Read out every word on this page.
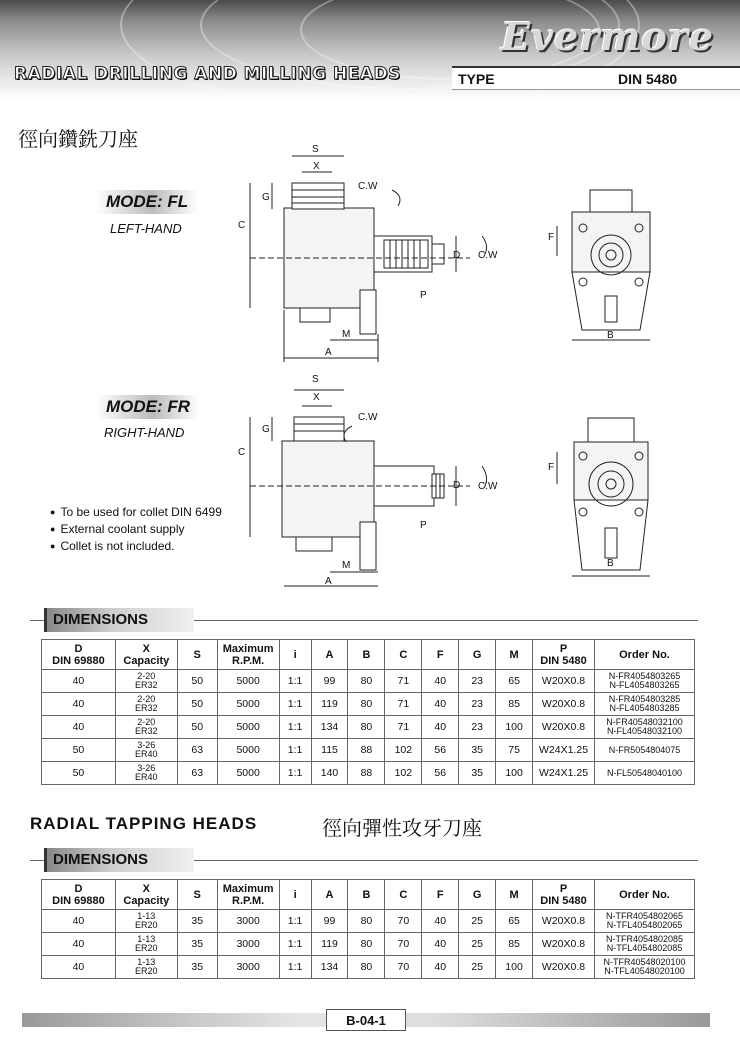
Evermore
RADIAL DRILLING AND MILLING HEADS	TYPE	DIN 5480
徑向鑽銑刀座
MODE: FL
LEFT-HAND
MODE: FR
RIGHT-HAND
S
X
G
C
C.W
D C.W
P
M
A
F
B
S
X
G
C
C.W
D C.W
P
M
A
F
B
● To be used for collet DIN 6499
● External coolant supply
● Collet is not included.
DIMENSIONS
D
DIN 69880	X
Capacity	S	Maximum
R.P.M.	i	A	B	C	F	G	M	P
DIN 5480	Order No.
40	2-20
ER32	50	5000	1:1	99	80	71	40	23	65	W20X0.8	N-FR4054803265
N-FL4054803265
40	2-20
ER32	50	5000	1:1	119	80	71	40	23	85	W20X0.8	N-FR4054803285
N-FL4054803285
40	2-20
ER32	50	5000	1:1	134	80	71	40	23	100	W20X0.8	N-FR40548032100
N-FL40548032100
50	3-26
ER40	63	5000	1:1	115	88	102	56	35	75	W24X1.25	N-FR5054804075
50	3-26
ER40	63	5000	1:1	140	88	102	56	35	100	W24X1.25	N-FL50548040100
RADIAL TAPPING HEADS	徑向彈性攻牙刀座
DIMENSIONS
D
DIN 69880	X
Capacity	S	Maximum
R.P.M.	i	A	B	C	F	G	M	P
DIN 5480	Order No.
40	1-13
ER20	35	3000	1:1	99	80	70	40	25	65	W20X0.8	N-TFR4054802065
N-TFL4054802065
40	1-13
ER20	35	3000	1:1	119	80	70	40	25	85	W20X0.8	N-TFR4054802085
N-TFL4054802085
40	1-13
ER20	35	3000	1:1	134	80	70	40	25	100	W20X0.8	N-TFR40548020100
N-TFL40548020100
B-04-1
